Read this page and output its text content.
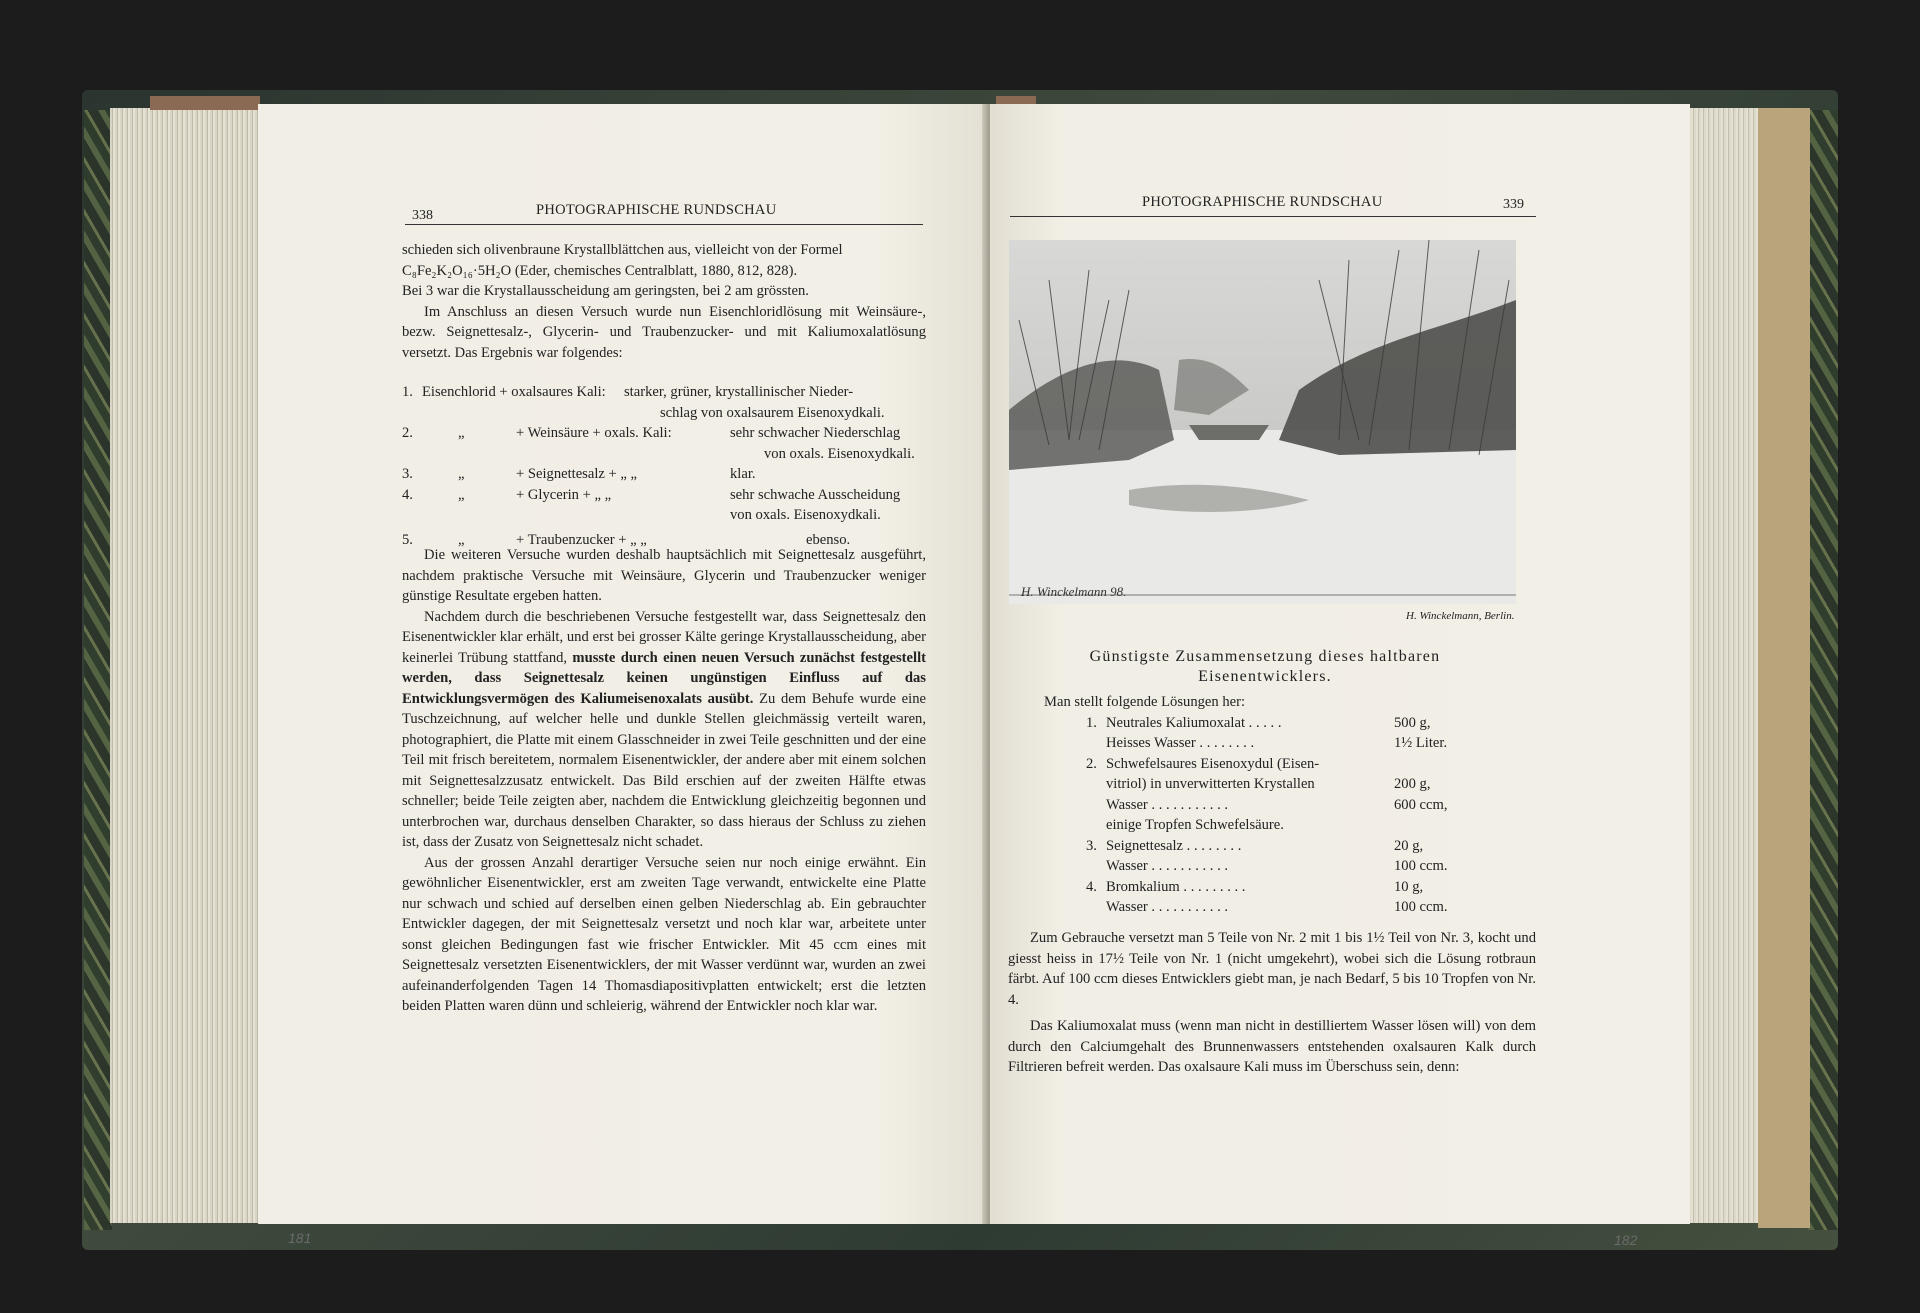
338	PHOTOGRAPHISCHE RUNDSCHAU

schieden sich olivenbraune Krystallblättchen aus, vielleicht von der Formel

C₈Fe₂K₂O₁₆·5H₂O (Eder, chemisches Centralblatt, 1880, 812, 828).

Bei 3 war die Krystallausscheidung am geringsten, bei 2 am grössten.

Im Anschluss an diesen Versuch wurde nun Eisenchloridlösung mit Weinsäure-, bezw. Seignettesalz-, Glycerin- und Traubenzucker- und mit Kaliumoxalatlösung versetzt. Das Ergebnis war folgendes:

1. Eisenchlorid + oxalsaures Kali: starker, grüner, krystallinischer Nieder-
schlag von oxalsaurem Eisenoxydkali.
2.	„	+ Weinsäure + oxals. Kali:	sehr schwacher Niederschlag
von oxals. Eisenoxydkali.
3.	„	+ Seignettesalz + „ „	klar.
4.	„	+ Glycerin + „ „	sehr schwache Ausscheidung
von oxals. Eisenoxydkali.
5.	„	+ Traubenzucker + „ „	ebenso.

Die weiteren Versuche wurden deshalb hauptsächlich mit Seignettesalz ausgeführt, nachdem praktische Versuche mit Weinsäure, Glycerin und Traubenzucker weniger günstige Resultate ergeben hatten.

Nachdem durch die beschriebenen Versuche festgestellt war, dass Seignettesalz den Eisenentwickler klar erhält, und erst bei grosser Kälte geringe Krystallausscheidung, aber keinerlei Trübung stattfand, musste durch einen neuen Versuch zunächst festgestellt werden, dass Seignettesalz keinen ungünstigen Einfluss auf das Entwicklungsvermögen des Kaliumeisenoxalats ausübt. Zu dem Behufe wurde eine Tuschzeichnung, auf welcher helle und dunkle Stellen gleichmässig verteilt waren, photographiert, die Platte mit einem Glasschneider in zwei Teile geschnitten und der eine Teil mit frisch bereitetem, normalem Eisenentwickler, der andere aber mit einem solchen mit Seignettesalzzusatz entwickelt. Das Bild erschien auf der zweiten Hälfte etwas schneller; beide Teile zeigten aber, nachdem die Entwicklung gleichzeitig begonnen und unterbrochen war, durchaus denselben Charakter, so dass hieraus der Schluss zu ziehen ist, dass der Zusatz von Seignettesalz nicht schadet.

Aus der grossen Anzahl derartiger Versuche seien nur noch einige erwähnt. Ein gewöhnlicher Eisenentwickler, erst am zweiten Tage verwandt, entwickelte eine Platte nur schwach und schied auf derselben einen gelben Niederschlag ab. Ein gebrauchter Entwickler dagegen, der mit Seignettesalz versetzt und noch klar war, arbeitete unter sonst gleichen Bedingungen fast wie frischer Entwickler. Mit 45 ccm eines mit Seignettesalz versetzten Eisenentwicklers, der mit Wasser verdünnt war, wurden an zwei aufeinanderfolgenden Tagen 14 Thomasdiapositivplatten entwickelt; erst die letzten beiden Platten waren dünn und schleierig, während der Entwickler noch klar war.

181
PHOTOGRAPHISCHE RUNDSCHAU	339
H. Winckelmann 98.
H. Winckelmann, Berlin.
Günstigste Zusammensetzung dieses haltbaren
Eisenentwicklers.
Man stellt folgende Lösungen her:
1. Neutrales Kaliumoxalat . . . . .	500 g,
Heisses Wasser . . . . . . . .	1½ Liter.
2. Schwefelsaures Eisenoxydul (Eisen-
vitriol) in unverwitterten Krystallen	200 g,
Wasser . . . . . . . . . . .	600 ccm,
einige Tropfen Schwefelsäure.
3. Seignettesalz . . . . . . . .	20 g,
Wasser . . . . . . . . . . .	100 ccm.
4. Bromkalium . . . . . . . . .	10 g,
Wasser . . . . . . . . . . .	100 ccm.

Zum Gebrauche versetzt man 5 Teile von Nr. 2 mit 1 bis 1½ Teil von Nr. 3, kocht und giesst heiss in 17½ Teile von Nr. 1 (nicht umgekehrt), wobei sich die Lösung rotbraun färbt. Auf 100 ccm dieses Entwicklers giebt man, je nach Bedarf, 5 bis 10 Tropfen von Nr. 4.

Das Kaliumoxalat muss (wenn man nicht in destilliertem Wasser lösen will) von dem durch den Calciumgehalt des Brunnenwassers entstehenden oxalsauren Kalk durch Filtrieren befreit werden. Das oxalsaure Kali muss im Überschuss sein, denn:

182
